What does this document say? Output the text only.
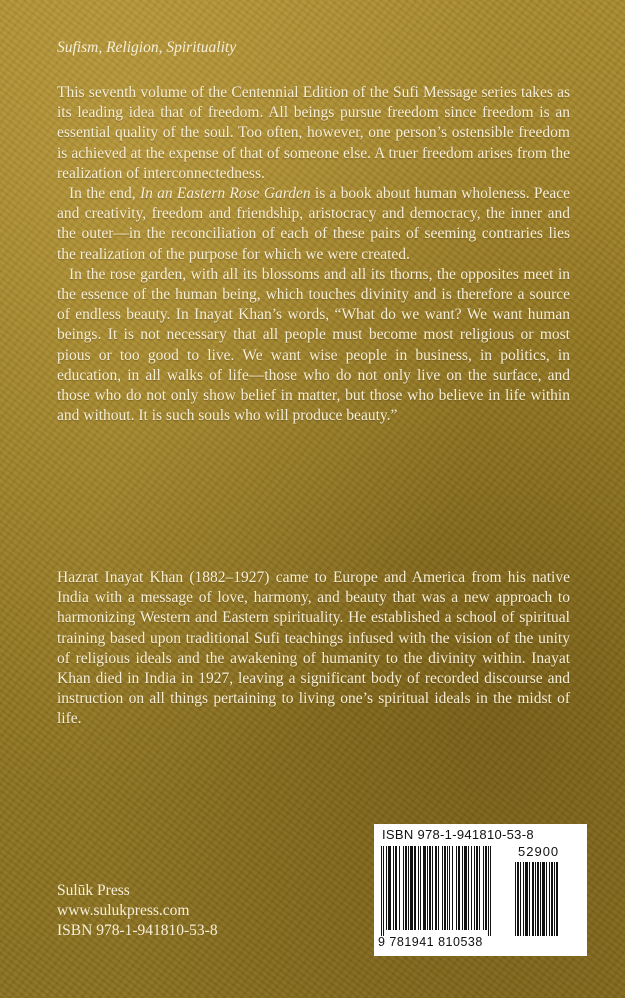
Sufism, Religion, Spirituality

This seventh volume of the Centennial Edition of the Sufi Message series takes as its leading idea that of freedom. All beings pursue freedom since freedom is an essential quality of the soul. Too often, however, one person’s ostensible freedom is achieved at the expense of that of someone else. A truer freedom arises from the realization of interconnectedness.

In the end, In an Eastern Rose Garden is a book about human wholeness. Peace and creativity, freedom and friendship, aristocracy and democracy, the inner and the outer—in the reconciliation of each of these pairs of seeming contraries lies the realization of the purpose for which we were created.

In the rose garden, with all its blossoms and all its thorns, the opposites meet in the essence of the human being, which touches divinity and is therefore a source of endless beauty. In Inayat Khan’s words, “What do we want? We want human beings. It is not necessary that all people must become most religious or most pious or too good to live. We want wise people in business, in politics, in education, in all walks of life—those who do not only live on the surface, and those who do not only show belief in matter, but those who believe in life within and without. It is such souls who will produce beauty.”

Hazrat Inayat Khan (1882–1927) came to Europe and America from his native India with a message of love, harmony, and beauty that was a new approach to harmonizing Western and Eastern spirituality. He established a school of spiritual training based upon traditional Sufi teachings infused with the vision of the unity of religious ideals and the awakening of humanity to the divinity within. Inayat Khan died in India in 1927, leaving a significant body of recorded discourse and instruction on all things pertaining to living one’s spiritual ideals in the midst of life.

Sulūk Press
www.sulukpress.com
ISBN 978-1-941810-53-8
ISBN 978-1-941810-53-8
52900
9 781941 810538
